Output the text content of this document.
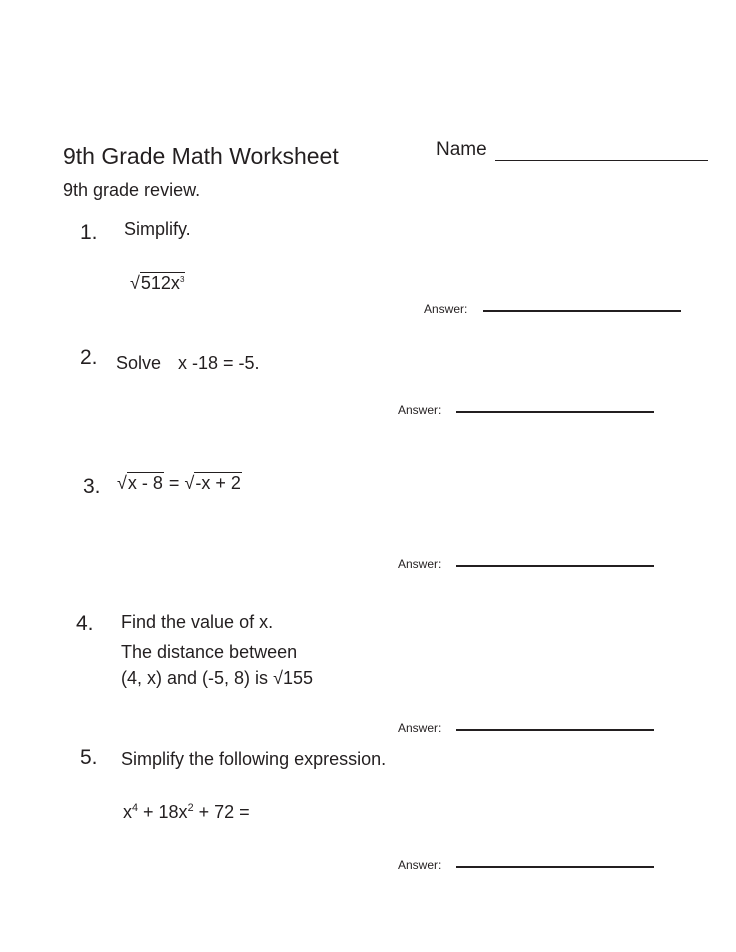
9th Grade Math Worksheet	Name
9th grade review.
1. Simplify.
$√512x^3$
Answer:
2. Solve x -18 = -5.
Answer:
3. √x - 8 = √-x + 2
Answer:
4. Find the value of x.
The distance between
(4, x) and (-5, 8) is √155
Answer:
5. Simplify the following expression.
$x^4 + 18x^2 + 72$ =
Answer:
